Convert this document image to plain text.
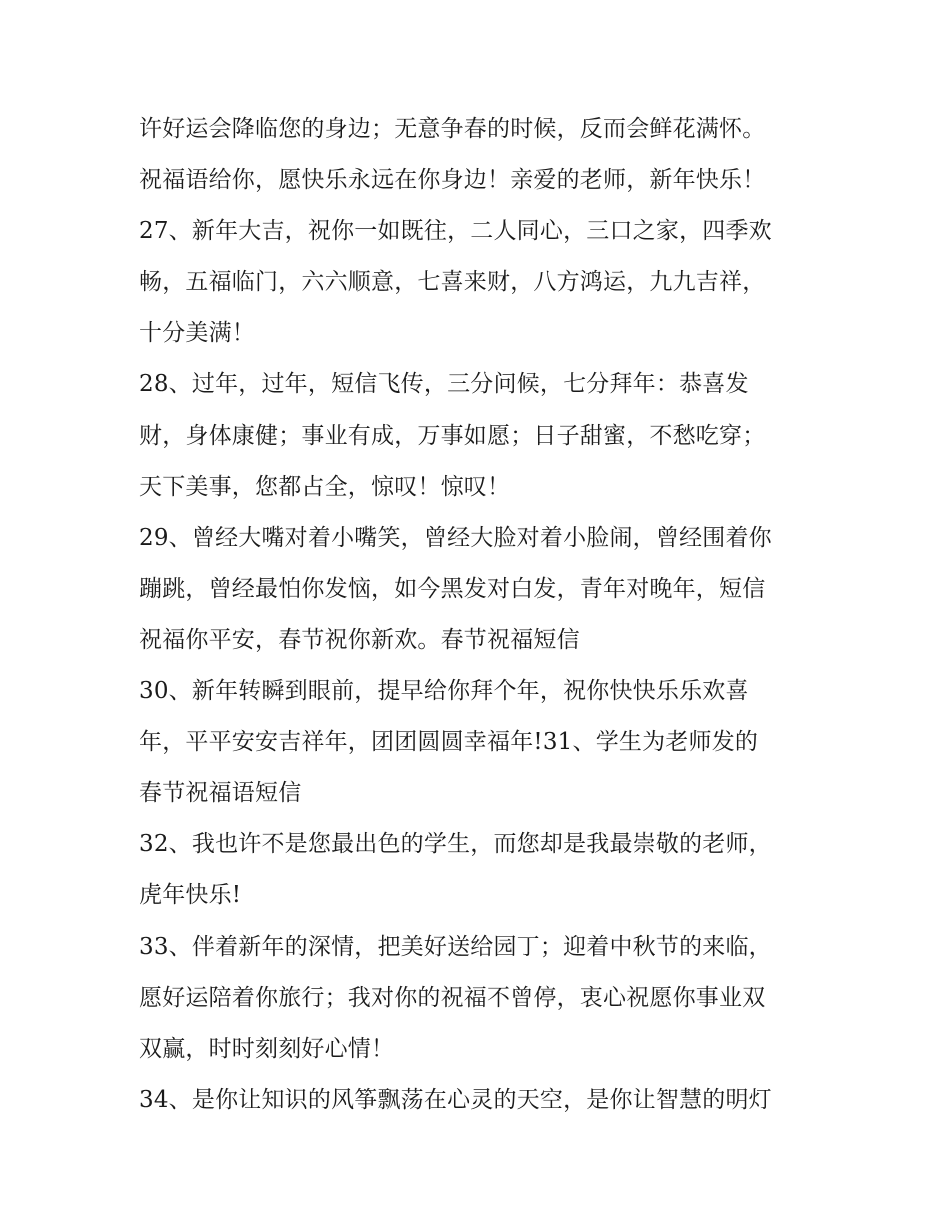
许好运会降临您的身边；无意争春的时候，反而会鲜花满怀。
祝福语给你，愿快乐永远在你身边！亲爱的老师，新年快乐！
27、新年大吉，祝你一如既往，二人同心，三口之家，四季欢
畅，五福临门，六六顺意，七喜来财，八方鸿运，九九吉祥，
十分美满！
28、过年，过年，短信飞传，三分问候，七分拜年：恭喜发
财，身体康健；事业有成，万事如愿；日子甜蜜，不愁吃穿；
天下美事，您都占全，惊叹！惊叹！
29、曾经大嘴对着小嘴笑，曾经大脸对着小脸闹，曾经围着你
蹦跳，曾经最怕你发恼，如今黑发对白发，青年对晚年，短信
祝福你平安，春节祝你新欢。春节祝福短信
30、新年转瞬到眼前，提早给你拜个年，祝你快快乐乐欢喜
年，平平安安吉祥年，团团圆圆幸福年!31、学生为老师发的
春节祝福语短信
32、我也许不是您最出色的学生，而您却是我最崇敬的老师，
虎年快乐!
33、伴着新年的深情，把美好送给园丁；迎着中秋节的来临，
愿好运陪着你旅行；我对你的祝福不曾停，衷心祝愿你事业双
双赢，时时刻刻好心情！
34、是你让知识的风筝飘荡在心灵的天空，是你让智慧的明灯
